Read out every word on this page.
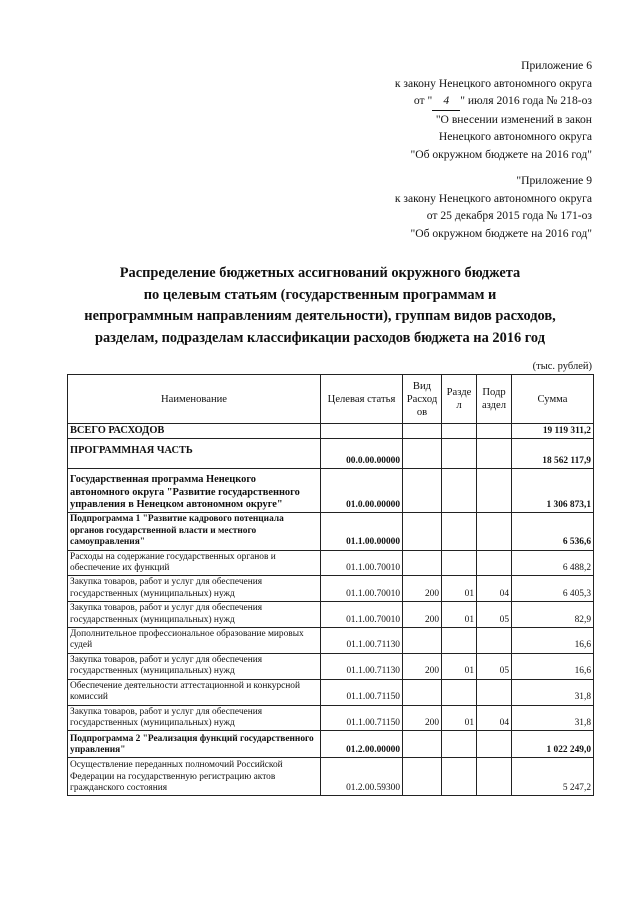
Приложение 6
к закону Ненецкого автономного округа
от " 4 " июля 2016 года № 218-оз
"О внесении изменений в закон
Ненецкого автономного округа
"Об окружном бюджете на 2016 год"
"Приложение 9
к закону Ненецкого автономного округа
от 25 декабря 2015 года № 171-оз
"Об окружном бюджете на 2016 год"
Распределение бюджетных ассигнований окружного бюджета
по целевым статьям (государственным программам и
непрограммным направлениям деятельности), группам видов расходов,
разделам, подразделам классификации расходов бюджета на 2016 год
(тыс. рублей)
Наименование	Целевая статья	Вид Расход ов	Разде л	Подр аздел	Сумма
ВСЕГО РАСХОДОВ					19 119 311,2
ПРОГРАММНАЯ ЧАСТЬ	00.0.00.00000				18 562 117,9
Государственная программа Ненецкого автономного округа "Развитие государственного управления в Ненецком автономном округе"	01.0.00.00000				1 306 873,1
Подпрограмма 1 "Развитие кадрового потенциала органов государственной власти и местного самоуправления"	01.1.00.00000				6 536,6
Расходы на содержание государственных органов и обеспечение их функций	01.1.00.70010				6 488,2
Закупка товаров, работ и услуг для обеспечения государственных (муниципальных) нужд	01.1.00.70010	200	01	04	6 405,3
Закупка товаров, работ и услуг для обеспечения государственных (муниципальных) нужд	01.1.00.70010	200	01	05	82,9
Дополнительное профессиональное образование мировых судей	01.1.00.71130				16,6
Закупка товаров, работ и услуг для обеспечения государственных (муниципальных) нужд	01.1.00.71130	200	01	05	16,6
Обеспечение деятельности аттестационной и конкурсной комиссий	01.1.00.71150				31,8
Закупка товаров, работ и услуг для обеспечения государственных (муниципальных) нужд	01.1.00.71150	200	01	04	31,8
Подпрограмма 2 "Реализация функций государственного управления"	01.2.00.00000				1 022 249,0
Осуществление переданных полномочий Российской Федерации на государственную регистрацию актов гражданского состояния	01.2.00.59300				5 247,2
